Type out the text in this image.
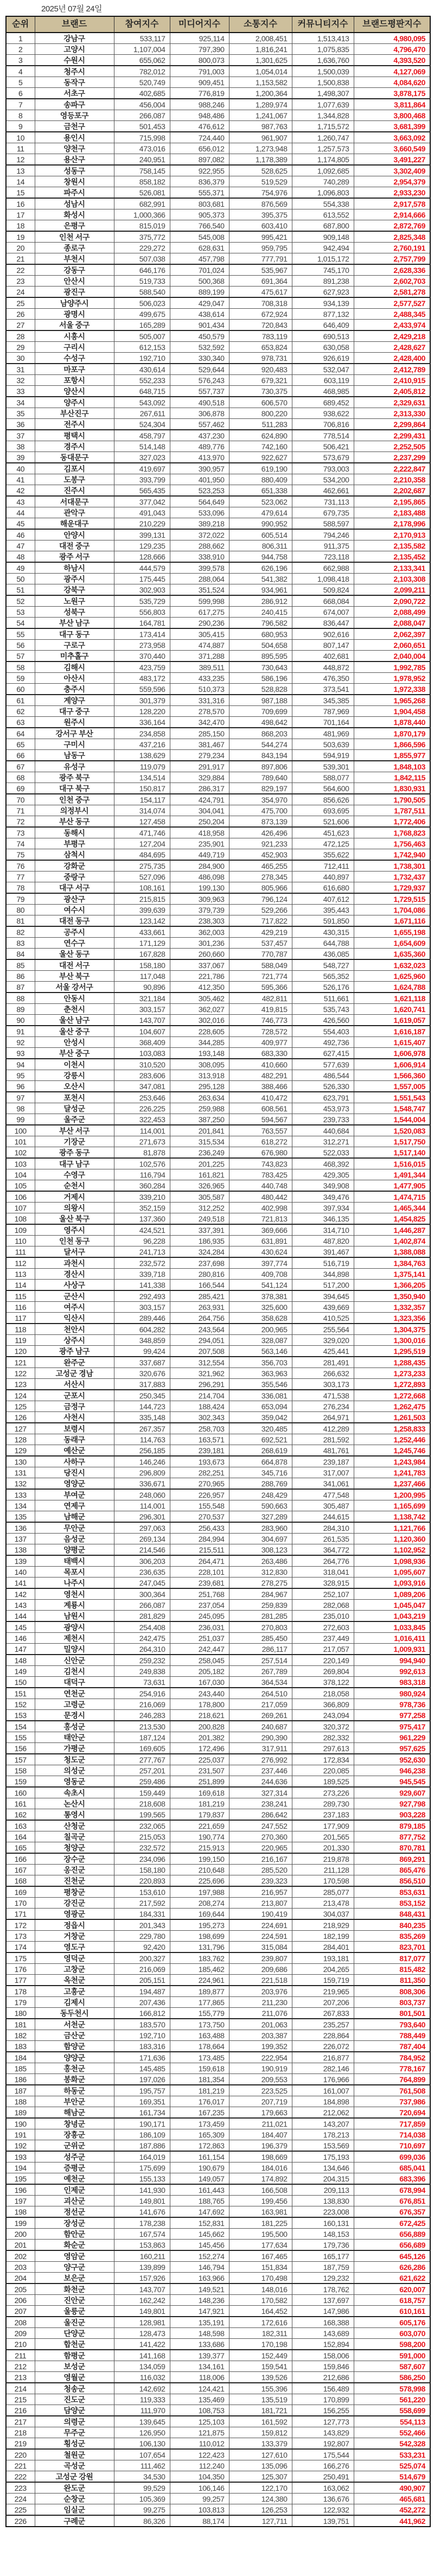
2025년 07월 24일
순위	브랜드	참여지수	미디어지수	소통지수	커뮤니티지수	브랜드평판지수
1	강남구	533,117	925,114	2,008,451	1,513,413	4,980,095
2	고양시	1,107,004	797,390	1,816,241	1,075,835	4,796,470
3	수원시	655,062	800,073	1,301,625	1,636,760	4,393,520
4	청주시	782,012	791,003	1,054,014	1,500,039	4,127,069
5	동작구	520,749	909,451	1,153,582	1,500,838	4,084,620
6	서초구	402,685	776,819	1,200,364	1,498,307	3,878,175
7	송파구	456,004	988,246	1,289,974	1,077,639	3,811,864
8	영등포구	266,087	948,486	1,241,067	1,344,828	3,800,468
9	금천구	501,453	476,612	987,763	1,715,572	3,681,399
10	용인시	715,998	724,440	961,907	1,260,747	3,663,092
11	양천구	473,016	656,012	1,273,948	1,257,573	3,660,549
12	용산구	240,951	897,082	1,178,389	1,174,805	3,491,227
13	성동구	758,145	922,955	528,625	1,092,685	3,302,409
14	창원시	858,182	836,379	519,529	740,289	2,954,379
15	파주시	526,081	555,371	754,976	1,096,803	2,933,230
16	성남시	682,991	803,681	876,569	554,338	2,917,578
17	화성시	1,000,366	905,373	395,375	613,552	2,914,666
18	은평구	815,019	766,540	603,410	687,800	2,872,769
19	인천 서구	375,772	545,008	995,421	909,148	2,825,348
20	종로구	229,272	628,631	959,795	942,494	2,760,191
21	부천시	507,038	457,798	777,791	1,015,172	2,757,799
22	강동구	646,176	701,024	535,967	745,170	2,628,336
23	안산시	519,733	500,368	691,364	891,238	2,602,703
24	광진구	588,540	889,199	475,617	627,923	2,581,278
25	남양주시	506,023	429,047	708,318	934,139	2,577,527
26	광명시	499,675	438,614	672,924	877,132	2,488,345
27	서울 중구	165,289	901,434	720,843	646,409	2,433,974
28	시흥시	505,007	450,579	783,119	690,513	2,429,218
29	구리시	612,153	532,592	653,824	630,058	2,428,627
30	수성구	192,710	330,340	978,731	926,619	2,428,400
31	마포구	430,614	529,644	920,483	532,047	2,412,789
32	포항시	552,233	576,243	679,321	603,119	2,410,915
33	양산시	648,715	557,737	730,375	468,985	2,405,812
34	양주시	543,092	490,518	606,570	689,452	2,329,631
35	부산진구	267,611	306,878	800,220	938,622	2,313,330
36	전주시	524,304	557,462	511,283	706,816	2,299,864
37	평택시	458,797	437,230	624,890	778,514	2,299,431
38	경주시	514,148	489,776	742,160	506,421	2,252,505
39	동대문구	327,023	413,970	922,627	573,679	2,237,299
40	김포시	419,697	390,957	619,190	793,003	2,222,847
41	도봉구	393,799	401,950	880,409	534,200	2,210,358
42	진주시	565,435	523,253	651,338	462,661	2,202,687
43	서대문구	377,042	564,649	523,062	731,113	2,195,865
44	관악구	491,043	533,096	479,614	679,735	2,183,488
45	해운대구	210,229	389,218	990,952	588,597	2,178,996
46	안양시	399,131	372,022	605,514	794,246	2,170,913
47	대전 중구	129,235	288,662	806,311	911,375	2,135,582
48	광주 서구	128,666	338,910	944,758	723,118	2,135,452
49	하남시	444,579	399,578	626,196	662,988	2,133,341
50	광주시	175,445	288,064	541,382	1,098,418	2,103,308
51	강북구	302,903	351,524	934,961	509,824	2,099,211
52	노원구	535,729	599,998	286,912	668,084	2,090,722
53	성북구	556,803	617,275	240,415	674,007	2,088,499
54	부산 남구	164,781	290,236	796,582	836,447	2,088,047
55	대구 동구	173,414	305,415	680,953	902,616	2,062,397
56	구로구	273,958	474,887	504,658	807,147	2,060,651
57	미추홀구	370,440	371,288	895,595	402,681	2,040,004
58	김해시	423,759	389,511	730,643	448,872	1,992,785
59	아산시	483,172	433,235	586,196	476,350	1,978,952
60	충주시	559,596	510,373	528,828	373,541	1,972,338
61	계양구	301,379	331,316	987,188	345,385	1,965,268
62	대구 중구	128,220	278,570	709,699	787,969	1,904,458
63	원주시	336,164	342,470	498,642	701,164	1,878,440
64	강서구 부산	234,858	285,150	868,203	481,969	1,870,179
65	구미시	437,216	381,467	544,274	503,639	1,866,596
66	남동구	138,629	279,234	843,194	594,919	1,855,977
67	유성구	119,079	291,917	897,806	539,301	1,848,103
68	광주 북구	134,514	329,884	789,640	588,077	1,842,115
69	대구 북구	150,817	286,317	829,197	564,600	1,830,931
70	인천 중구	154,117	424,791	354,970	856,626	1,790,505
71	의정부시	314,074	304,041	475,700	693,695	1,787,511
72	부산 동구	127,458	250,204	873,139	521,606	1,772,406
73	동해시	471,746	418,958	426,496	451,623	1,768,823
74	부평구	127,204	235,901	921,233	472,125	1,756,463
75	삼척시	484,695	449,719	452,903	355,622	1,742,940
76	강화군	275,735	284,900	465,255	712,411	1,738,301
77	중랑구	527,096	486,098	278,345	440,897	1,732,437
78	대구 서구	108,161	199,130	805,966	616,680	1,729,937
79	광산구	215,815	309,963	796,124	407,612	1,729,515
80	여수시	399,639	379,739	529,266	395,443	1,704,086
81	대전 동구	123,142	238,303	717,822	591,850	1,671,116
82	공주시	433,661	362,003	429,219	430,315	1,655,198
83	연수구	171,129	301,236	537,457	644,788	1,654,609
84	울산 동구	167,828	260,660	770,787	436,085	1,635,360
85	대전 서구	158,180	337,067	588,049	548,727	1,632,023
86	부산 북구	117,048	221,786	721,774	565,352	1,625,960
87	서울 강서구	90,896	412,350	595,366	526,176	1,624,788
88	안동시	321,184	305,462	482,811	511,661	1,621,118
89	춘천시	303,157	362,027	419,815	535,743	1,620,741
90	울산 남구	143,707	302,016	746,773	426,560	1,619,057
91	울산 중구	104,607	228,605	728,572	554,403	1,616,187
92	안성시	368,409	344,285	409,977	492,736	1,615,407
93	부산 중구	103,083	193,148	683,330	627,415	1,606,978
94	이천시	310,520	308,095	410,660	577,639	1,606,914
95	강릉시	283,606	313,918	482,291	486,544	1,566,360
96	오산시	347,081	295,128	388,466	526,330	1,557,005
97	포천시	253,646	263,634	410,472	623,791	1,551,543
98	달성군	226,225	259,988	608,561	453,973	1,548,747
99	울주군	322,453	387,250	594,567	239,733	1,544,004
100	부산 서구	114,001	201,841	763,557	440,684	1,520,083
101	기장군	271,673	315,534	618,272	312,271	1,517,750
102	광주 동구	81,878	236,249	676,980	522,033	1,517,140
103	대구 남구	102,576	201,225	743,823	468,392	1,516,015
104	수영구	116,794	161,821	783,425	429,305	1,491,344
105	순천시	360,284	326,965	440,748	349,908	1,477,905
106	거제시	339,210	305,587	480,442	349,476	1,474,715
107	의왕시	352,159	312,252	402,998	397,934	1,465,344
108	울산 북구	137,360	249,518	721,813	346,135	1,454,825
109	영주시	424,521	337,391	369,666	314,710	1,446,287
110	인천 동구	96,228	186,935	631,891	487,820	1,402,874
111	달서구	241,713	324,284	430,624	391,467	1,388,088
112	과천시	232,572	237,698	397,774	516,719	1,384,763
113	경산시	339,718	280,816	409,708	344,898	1,375,141
114	사상구	141,338	166,544	541,124	517,200	1,366,205
115	군산시	292,493	285,421	378,381	394,645	1,350,940
116	여주시	303,157	263,931	325,600	439,669	1,332,357
117	익산시	289,446	264,756	358,628	410,525	1,323,356
118	천안시	604,282	243,564	200,965	255,564	1,304,375
119	상주시	348,859	294,051	328,087	329,020	1,300,016
120	광주 남구	99,424	207,508	563,146	425,441	1,295,519
121	완주군	337,687	312,554	356,703	281,491	1,288,435
122	고성군 경남	320,676	321,962	363,963	266,632	1,273,233
123	서산시	317,883	296,291	355,546	303,173	1,272,893
124	군포시	250,345	214,704	336,081	471,538	1,272,668
125	금정구	144,723	188,424	653,094	276,234	1,262,475
126	사천시	335,148	302,343	359,042	264,971	1,261,503
127	보령시	267,357	258,703	320,485	412,289	1,258,833
128	동래구	114,763	163,571	692,521	281,592	1,252,446
129	예산군	256,185	239,181	268,619	481,761	1,245,746
130	사하구	146,246	193,673	664,878	239,187	1,243,984
131	당진시	296,809	282,251	345,716	317,007	1,241,783
132	영양군	336,671	270,965	288,769	341,061	1,237,466
133	부여군	248,060	226,957	248,429	477,548	1,200,995
134	연제구	114,001	155,548	590,663	305,487	1,165,699
135	남해군	296,301	270,537	327,289	244,615	1,138,742
136	무안군	297,063	256,433	283,960	284,310	1,121,766
137	음성군	269,134	284,994	304,697	261,535	1,120,360
138	양평군	214,546	215,511	308,123	364,772	1,102,952
139	태백시	306,203	264,471	263,486	264,776	1,098,936
140	목포시	236,635	228,101	312,830	318,041	1,095,607
141	나주시	247,045	239,681	278,275	328,915	1,093,916
142	영천시	300,364	251,768	284,967	252,107	1,089,206
143	계룡시	266,087	237,054	259,839	282,068	1,045,047
144	남원시	281,829	245,095	281,285	235,010	1,043,219
145	광양시	254,408	236,031	270,803	272,603	1,033,845
146	제천시	242,475	251,037	285,450	237,449	1,016,411
147	밀양시	264,310	242,447	286,117	217,057	1,009,931
148	신안군	259,232	258,045	257,514	220,149	994,940
149	김천시	249,838	205,182	267,789	269,804	992,613
150	대덕구	73,631	167,030	364,534	378,122	983,318
151	연천군	254,916	243,440	264,510	218,058	980,924
152	고령군	216,069	178,800	217,059	366,809	978,736
153	문경시	246,283	218,621	269,261	243,094	977,258
154	홍성군	213,530	200,828	240,687	320,372	975,417
155	태안군	187,124	201,382	290,390	282,332	961,229
156	가평군	169,605	172,496	317,911	297,613	957,625
157	청도군	277,767	225,037	276,992	172,834	952,630
158	의성군	257,201	231,507	237,446	220,085	946,238
159	영동군	259,486	251,899	244,636	189,525	945,545
160	속초시	159,449	169,618	327,314	273,226	929,607
161	논산시	218,608	181,219	238,241	289,730	927,798
162	통영시	199,565	179,837	286,642	237,183	903,228
163	산청군	232,065	221,659	247,552	177,909	879,185
164	칠곡군	215,053	190,774	270,360	201,565	877,752
165	청양군	232,572	215,913	220,965	201,330	870,781
166	장수군	234,096	199,150	216,167	219,878	869,291
167	옹진군	158,180	210,648	285,520	211,128	865,476
168	진천군	220,893	225,696	239,323	170,598	856,510
169	평창군	153,610	197,988	216,957	285,077	853,631
170	강진군	217,592	208,274	213,807	213,478	853,152
171	영광군	184,331	169,644	190,419	304,037	848,431
172	정읍시	201,343	195,273	224,691	218,929	840,235
173	거창군	229,780	198,699	224,591	182,199	835,269
174	영도구	92,420	131,796	315,084	284,401	823,701
175	영덕군	200,327	183,762	239,807	193,181	817,077
176	고창군	216,069	185,462	209,686	204,265	815,482
177	옥천군	205,151	224,961	221,518	159,719	811,350
178	고흥군	194,487	189,877	203,976	219,965	808,306
179	김제시	207,436	177,865	211,230	207,206	803,737
180	동두천시	166,812	155,779	211,076	267,833	801,501
181	서천군	183,570	173,750	201,063	235,257	793,640
182	금산군	192,710	163,488	203,387	228,864	788,449
183	함양군	183,316	178,664	199,352	226,072	787,404
184	양양군	171,636	173,485	222,954	216,877	784,952
185	홍천군	145,485	159,618	190,919	282,146	778,167
186	봉화군	197,026	181,354	209,553	176,966	764,899
187	하동군	195,757	181,219	223,525	161,007	761,508
188	부안군	169,351	176,017	207,719	184,898	737,986
189	해남군	161,734	167,235	179,663	212,062	720,694
190	창녕군	190,171	173,459	211,021	143,207	717,859
191	장흥군	186,109	165,309	184,407	178,213	714,038
192	군위군	187,886	172,863	196,379	153,569	710,697
193	성주군	164,019	161,154	198,669	175,193	699,036
194	증평군	175,699	190,679	184,016	134,646	685,041
195	예천군	155,133	149,057	174,892	204,315	683,396
196	인제군	141,930	161,443	166,508	209,113	678,994
197	괴산군	149,801	188,765	199,456	138,830	676,851
198	정선군	141,676	147,692	163,981	223,008	676,357
199	장성군	178,238	152,831	181,225	160,131	672,425
200	함안군	167,574	145,662	195,500	148,153	656,889
201	화순군	153,863	145,456	177,634	179,736	656,689
202	영암군	160,211	152,274	167,465	165,177	645,126
203	양구군	139,899	146,794	151,834	187,759	626,286
204	보은군	157,926	163,966	170,498	129,232	621,622
205	화천군	143,707	149,521	148,016	178,762	620,007
206	진안군	162,242	148,236	170,582	137,697	618,757
207	울릉군	149,801	147,921	164,452	147,986	610,161
208	울진군	128,981	135,191	172,616	168,388	605,176
209	단양군	128,473	148,598	182,311	143,689	603,070
210	합천군	141,422	133,686	170,198	152,894	598,200
211	함평군	141,168	139,377	152,449	158,006	591,000
212	보성군	134,059	134,161	159,541	159,846	587,607
213	영월군	116,032	118,006	139,526	212,686	586,250
214	청송군	142,692	124,421	155,396	156,489	578,998
215	진도군	119,333	135,469	135,519	170,899	561,220
216	담양군	111,970	108,753	181,721	156,255	558,699
217	의령군	139,645	125,103	161,592	127,773	554,113
218	무주군	126,950	121,875	159,812	143,829	552,466
219	횡성군	106,130	110,012	133,379	192,807	542,328
220	철원군	107,654	122,423	127,610	175,544	533,231
221	곡성군	111,462	112,240	135,096	166,276	525,074
222	고성군 강원	34,530	104,350	125,307	250,491	514,679
223	완도군	99,529	106,146	122,170	163,062	490,907
224	순창군	105,369	99,257	124,380	136,676	465,681
225	임실군	99,275	103,813	126,253	122,932	452,272
226	구례군	86,326	88,174	127,711	139,751	441,962
